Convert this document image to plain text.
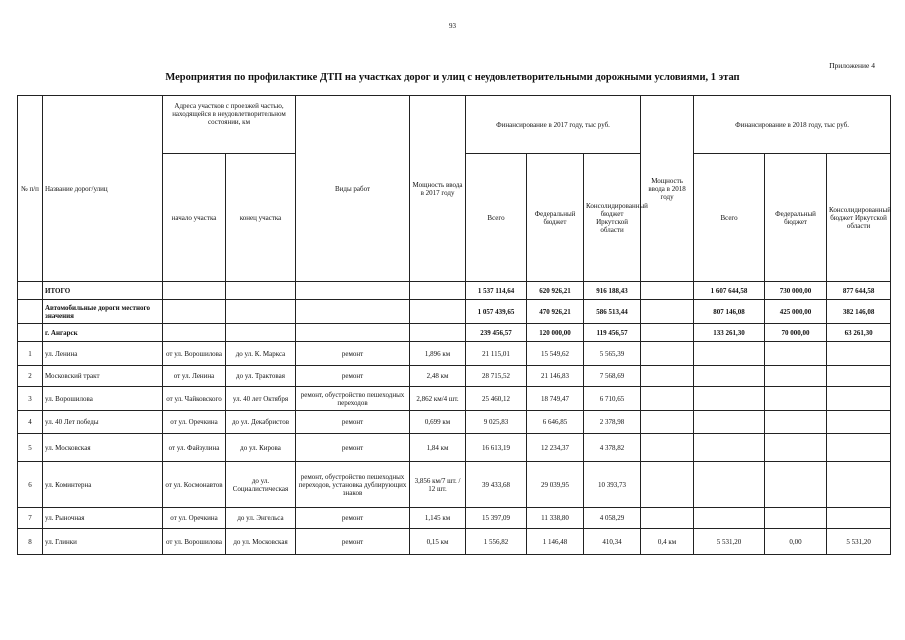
93
Приложение 4
Мероприятия по профилактике ДТП на участках дорог и улиц с неудовлетворительными дорожными условиями, 1 этап
№ п/п	Название дорог/улиц	Адреса участков с проезжей частью, находящейся в неудовлетворительном состоянии, км		Виды работ	Мощность ввода в 2017 году	Финансирование в 2017 году, тыс руб.			Мощность ввода в 2018 году	Финансирование в 2018 году, тыс руб.		
		начало участка	конец участка			Всего	Федеральный бюджет	Консолидированный бюджет Иркутской области		Всего	Федеральный бюджет	Консолидированный бюджет Иркутской области
	ИТОГО					1 537 114,64	620 926,21	916 188,43		1 607 644,58	730 000,00	877 644,58
	Автомобильные дороги местного значения					1 057 439,65	470 926,21	586 513,44		807 146,08	425 000,00	382 146,08
	г. Ангарск					239 456,57	120 000,00	119 456,57		133 261,30	70 000,00	63 261,30
1	ул. Ленина	от ул. Ворошилова	до ул. К. Маркса	ремонт	1,896 км	21 115,01	15 549,62	5 565,39				
2	Московский тракт	от ул. Ленина	до ул. Трактовая	ремонт	2,48 км	28 715,52	21 146,83	7 568,69				
3	ул. Ворошилова	от ул. Чайковского	ул. 40 лет Октября	ремонт, обустройство пешеходных переходов	2,862 км/4 шт.	25 460,12	18 749,47	6 710,65				
4	ул. 40 Лет победы	от ул. Оречкина	до ул. Декабристов	ремонт	0,699 км	9 025,83	6 646,85	2 378,98				
5	ул. Московская	от ул. Файзулина	до ул. Кирова	ремонт	1,84 км	16 613,19	12 234,37	4 378,82				
6	ул. Коминтерна	от ул. Космонавтов	до ул. Социалистическая	ремонт, обустройство пешеходных переходов, установка дублирующих знаков	3,856 км/7 шт. / 12 шт.	39 433,68	29 039,95	10 393,73				
7	ул. Рыночная	от ул. Оречкина	до ул. Энгельса	ремонт	1,145 км	15 397,09	11 338,80	4 058,29				
8	ул. Глинки	от ул. Ворошилова	до ул. Московская	ремонт	0,15 км	1 556,82	1 146,48	410,34	0,4 км	5 531,20	0,00	5 531,20
